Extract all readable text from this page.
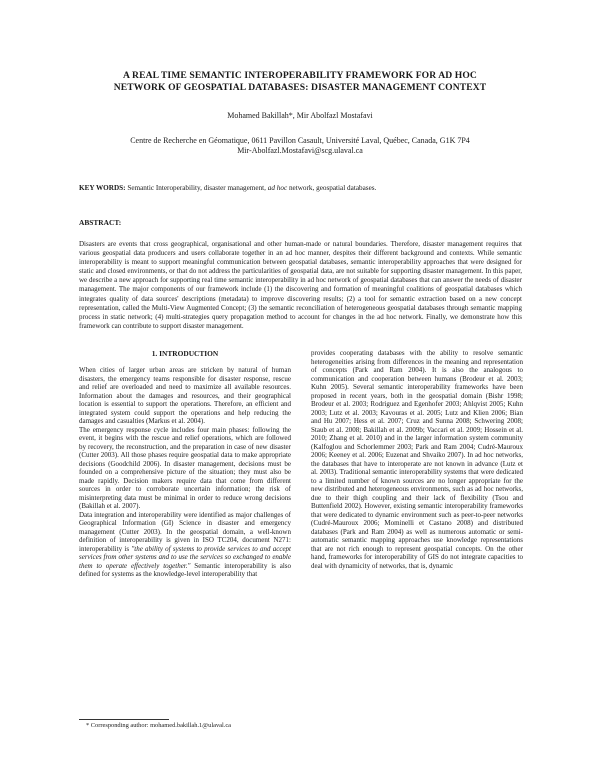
A REAL TIME SEMANTIC INTEROPERABILITY FRAMEWORK FOR AD HOC
NETWORK OF GEOSPATIAL DATABASES: DISASTER MANAGEMENT CONTEXT
Mohamed Bakillah*, Mir Abolfazl Mostafavi
Centre de Recherche en Géomatique, 0611 Pavillon Casault, Université Laval, Québec, Canada, G1K 7P4
Mir-Abolfazl.Mostafavi@scg.ulaval.ca
KEY WORDS: Semantic Interoperability, disaster management, ad hoc network, geospatial databases.
ABSTRACT:
Disasters are events that cross geographical, organisational and other human-made or natural boundaries. Therefore, disaster management requires that various geospatial data producers and users collaborate together in an ad hoc manner, despites their different background and contexts. While semantic interoperability is meant to support meaningful communication between geospatial databases, semantic interoperability approaches that were designed for static and closed environments, or that do not address the particularities of geospatial data, are not suitable for supporting disaster management. In this paper, we describe a new approach for supporting real time semantic interoperability in ad hoc network of geospatial databases that can answer the needs of disaster management. The major components of our framework include (1) the discovering and formation of meaningful coalitions of geospatial databases which integrates quality of data sources' descriptions (metadata) to improve discovering results; (2) a tool for semantic extraction based on a new concept representation, called the Multi-View Augmented Concept; (3) the semantic reconciliation of heterogeneous geospatial databases through semantic mapping process in static network; (4) multi-strategies query propagation method to account for changes in the ad hoc network. Finally, we demonstrate how this framework can contribute to support disaster management.
1. INTRODUCTION

When cities of larger urban areas are stricken by natural of human disasters, the emergency teams responsible for disaster response, rescue and relief are overloaded and need to maximize all available resources. Information about the damages and resources, and their geographical location is essential to support the operations. Therefore, an efficient and integrated system could support the operations and help reducing the damages and casualties (Markus et al. 2004).

The emergency response cycle includes four main phases: following the event, it begins with the rescue and relief operations, which are followed by recovery, the reconstruction, and the preparation in case of new disaster (Cutter 2003). All those phases require geospatial data to make appropriate decisions (Goodchild 2006). In disaster management, decisions must be founded on a comprehensive picture of the situation; they must also be made rapidly. Decision makers require data that come from different sources in order to corroborate uncertain information; the risk of misinterpreting data must be minimal in order to reduce wrong decisions (Bakillah et al. 2007).

Data integration and interoperability were identified as major challenges of Geographical Information (GI) Science in disaster and emergency management (Cutter 2003). In the geospatial domain, a well-known definition of interoperability is given in ISO TC204, document N271: interoperability is "the ability of systems to provide services to and accept services from other systems and to use the services so exchanged to enable them to operate effectively together." Semantic interoperability is also defined for systems as the knowledge-level interoperability that

provides cooperating databases with the ability to resolve semantic heterogeneities arising from differences in the meaning and representation of concepts (Park and Ram 2004). It is also the analogous to communication and cooperation between humans (Brodeur et al. 2003; Kuhn 2005). Several semantic interoperability frameworks have been proposed in recent years, both in the geospatial domain (Bishr 1998; Brodeur et al. 2003; Rodriguez and Egenhofer 2003; Ahlqvist 2005; Kuhn 2003; Lutz et al. 2003; Kavouras et al. 2005; Lutz and Klien 2006; Bian and Hu 2007; Hess et al. 2007; Cruz and Sunna 2008; Schwering 2008; Staub et al. 2008; Bakillah et al. 2009b; Vaccari et al. 2009; Hossein et al. 2010; Zhang et al. 2010) and in the larger information system community (Kalfoglou and Schorlemmer 2003; Park and Ram 2004; Cudré-Mauroux 2006; Keeney et al. 2006; Euzenat and Shvaiko 2007). In ad hoc networks, the databases that have to interoperate are not known in advance (Lutz et al. 2003). Traditional semantic interoperability systems that were dedicated to a limited number of known sources are no longer appropriate for the new distributed and heterogeneous environments, such as ad hoc networks, due to their thigh coupling and their lack of flexibility (Tsou and Buttenfield 2002). However, existing semantic interoperability frameworks that were dedicated to dynamic environment such as peer-to-peer networks (Cudré-Mauroux 2006; Mominelli et Castano 2008) and distributed databases (Park and Ram 2004) as well as numerous automatic or semi-automatic semantic mapping approaches use knowledge representations that are not rich enough to represent geospatial concepts. On the other hand, frameworks for interoperability of GIS do not integrate capacities to deal with dynamicity of networks, that is, dynamic

* Corresponding author: mohamed.bakillah.1@ulaval.ca
